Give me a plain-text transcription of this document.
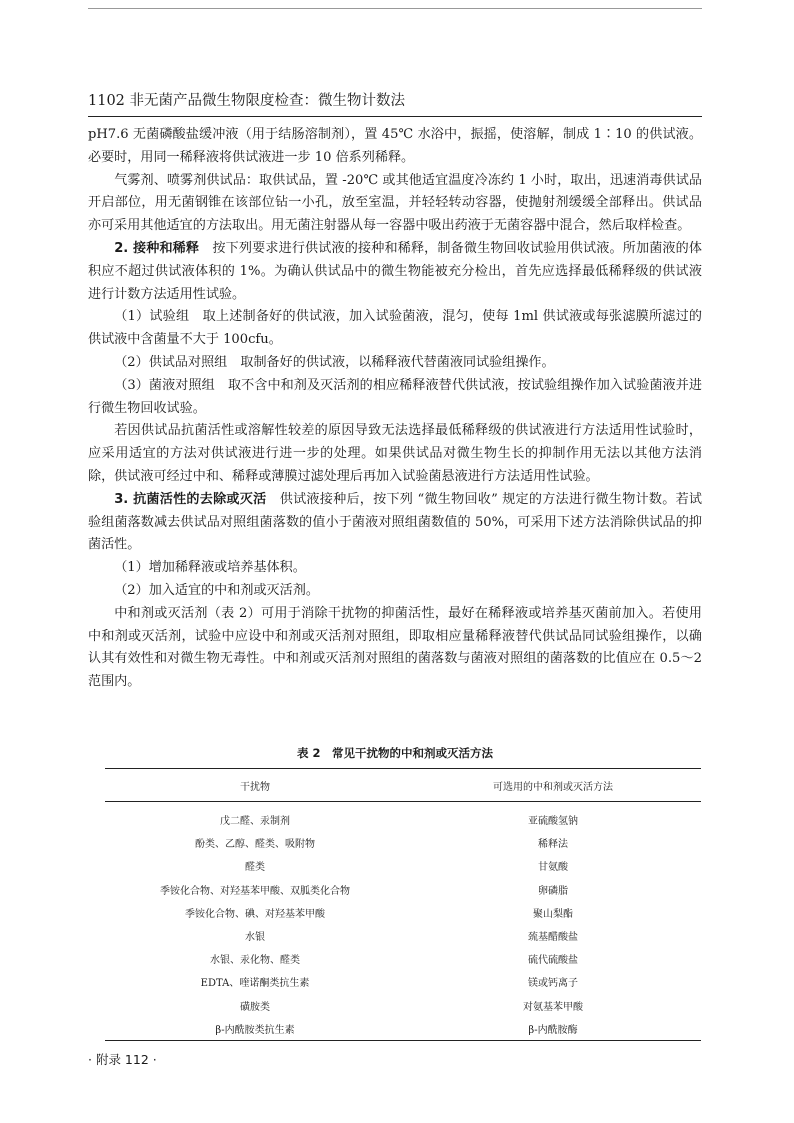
1102 非无菌产品微生物限度检查：微生物计数法

pH7.6 无菌磷酸盐缓冲液（用于结肠溶制剂），置 45℃ 水浴中，振摇，使溶解，制成 1∶10 的供试液。必要时，用同一稀释液将供试液进一步 10 倍系列稀释。

气雾剂、喷雾剂供试品：取供试品，置 -20℃ 或其他适宜温度冷冻约 1 小时，取出，迅速消毒供试品开启部位，用无菌钢锥在该部位钻一小孔，放至室温，并轻轻转动容器，使抛射剂缓缓全部释出。供试品亦可采用其他适宜的方法取出。用无菌注射器从每一容器中吸出药液于无菌容器中混合，然后取样检查。

2. 接种和稀释　 按下列要求进行供试液的接种和稀释，制备微生物回收试验用供试液。所加菌液的体积应不超过供试液体积的 1%。为确认供试品中的微生物能被充分检出，首先应选择最低稀释级的供试液进行计数方法适用性试验。

（1）试验组　取上述制备好的供试液，加入试验菌液，混匀，使每 1ml 供试液或每张滤膜所滤过的供试液中含菌量不大于 100cfu。

（2）供试品对照组　取制备好的供试液，以稀释液代替菌液同试验组操作。

（3）菌液对照组　取不含中和剂及灭活剂的相应稀释液替代供试液，按试验组操作加入试验菌液并进行微生物回收试验。

若因供试品抗菌活性或溶解性较差的原因导致无法选择最低稀释级的供试液进行方法适用性试验时，应采用适宜的方法对供试液进行进一步的处理。如果供试品对微生物生长的抑制作用无法以其他方法消除，供试液可经过中和、稀释或薄膜过滤处理后再加入试验菌悬液进行方法适用性试验。

3. 抗菌活性的去除或灭活　 供试液接种后，按下列 “微生物回收” 规定的方法进行微生物计数。若试验组菌落数减去供试品对照组菌落数的值小于菌液对照组菌数值的 50%，可采用下述方法消除供试品的抑菌活性。

（1）增加稀释液或培养基体积。

（2）加入适宜的中和剂或灭活剂。

中和剂或灭活剂（表 2）可用于消除干扰物的抑菌活性，最好在稀释液或培养基灭菌前加入。若使用中和剂或灭活剂，试验中应设中和剂或灭活剂对照组，即取相应量稀释液替代供试品同试验组操作，以确认其有效性和对微生物无毒性。中和剂或灭活剂对照组的菌落数与菌液对照组的菌落数的比值应在 0.5～2 范围内。

表 2　常见干扰物的中和剂或灭活方法
干扰物	可选用的中和剂或灭活方法
戊二醛、汞制剂	亚硫酸氢钠
酚类、乙醇、醛类、吸附物	稀释法
醛类	甘氨酸
季铵化合物、对羟基苯甲酸、双胍类化合物	卵磷脂
季铵化合物、碘、对羟基苯甲酸	聚山梨酯
水银	巯基醋酸盐
水银、汞化物、醛类	硫代硫酸盐
EDTA、喹诺酮类抗生素	镁或钙离子
磺胺类	对氨基苯甲酸
β-内酰胺类抗生素	β-内酰胺酶
· 附录 112 ·
